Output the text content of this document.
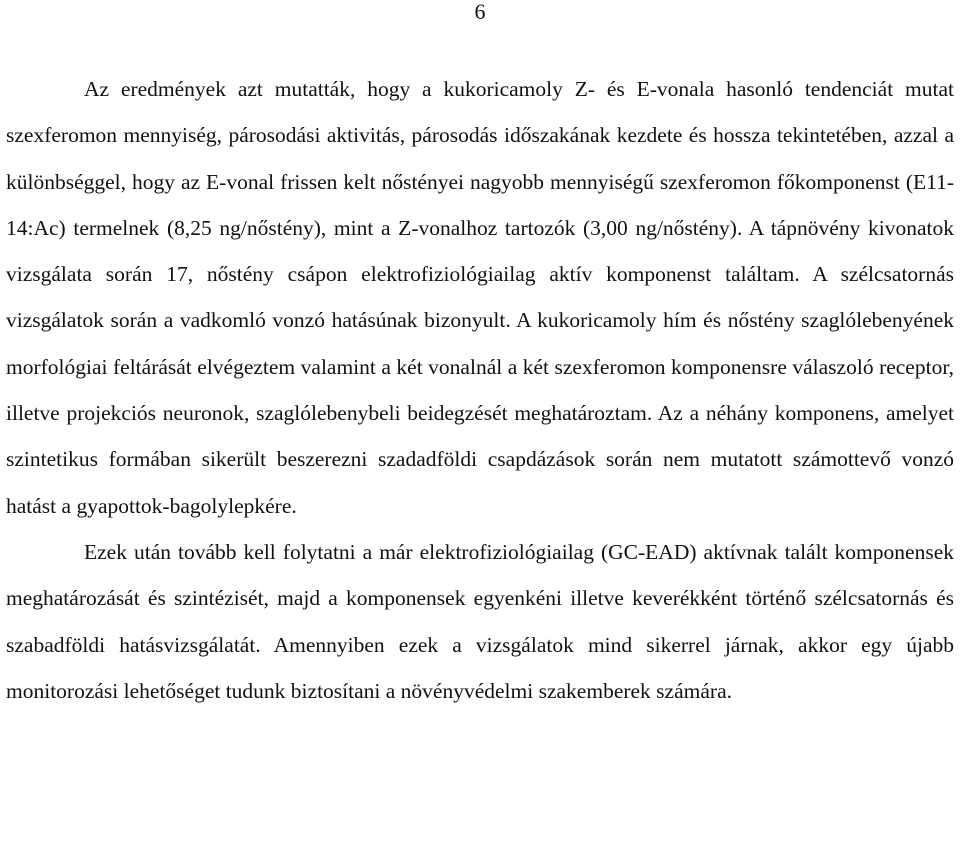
6

Az eredmények azt mutatták, hogy a kukoricamoly Z- és E-vonala hasonló tendenciát mutat szexferomon mennyiség, párosodási aktivitás, párosodás időszakának kezdete és hossza tekintetében, azzal a különbséggel, hogy az E-vonal frissen kelt nőstényei nagyobb mennyiségű szexferomon főkomponenst (E11-14:Ac) termelnek (8,25 ng/nőstény), mint a Z-vonalhoz tartozók (3,00 ng/nőstény). A tápnövény kivonatok vizsgálata során 17, nőstény csápon elektrofiziológiailag aktív komponenst találtam. A szélcsatornás vizsgálatok során a vadkomló vonzó hatásúnak bizonyult. A kukoricamoly hím és nőstény szaglólebenyének morfológiai feltárását elvégeztem valamint a két vonalnál a két szexferomon komponensre válaszoló receptor, illetve projekciós neuronok, szaglólebenybeli beidegzését meghatároztam. Az a néhány komponens, amelyet szintetikus formában sikerült beszerezni szadadföldi csapdázások során nem mutatott számottevő vonzó hatást a gyapottok-bagolylepkére.

Ezek után tovább kell folytatni a már elektrofiziológiailag (GC-EAD) aktívnak talált komponensek meghatározását és szintézisét, majd a komponensek egyenkéni illetve keverékként történő szélcsatornás és szabadföldi hatásvizsgálatát. Amennyiben ezek a vizsgálatok mind sikerrel járnak, akkor egy újabb monitorozási lehetőséget tudunk biztosítani a növényvédelmi szakemberek számára.
